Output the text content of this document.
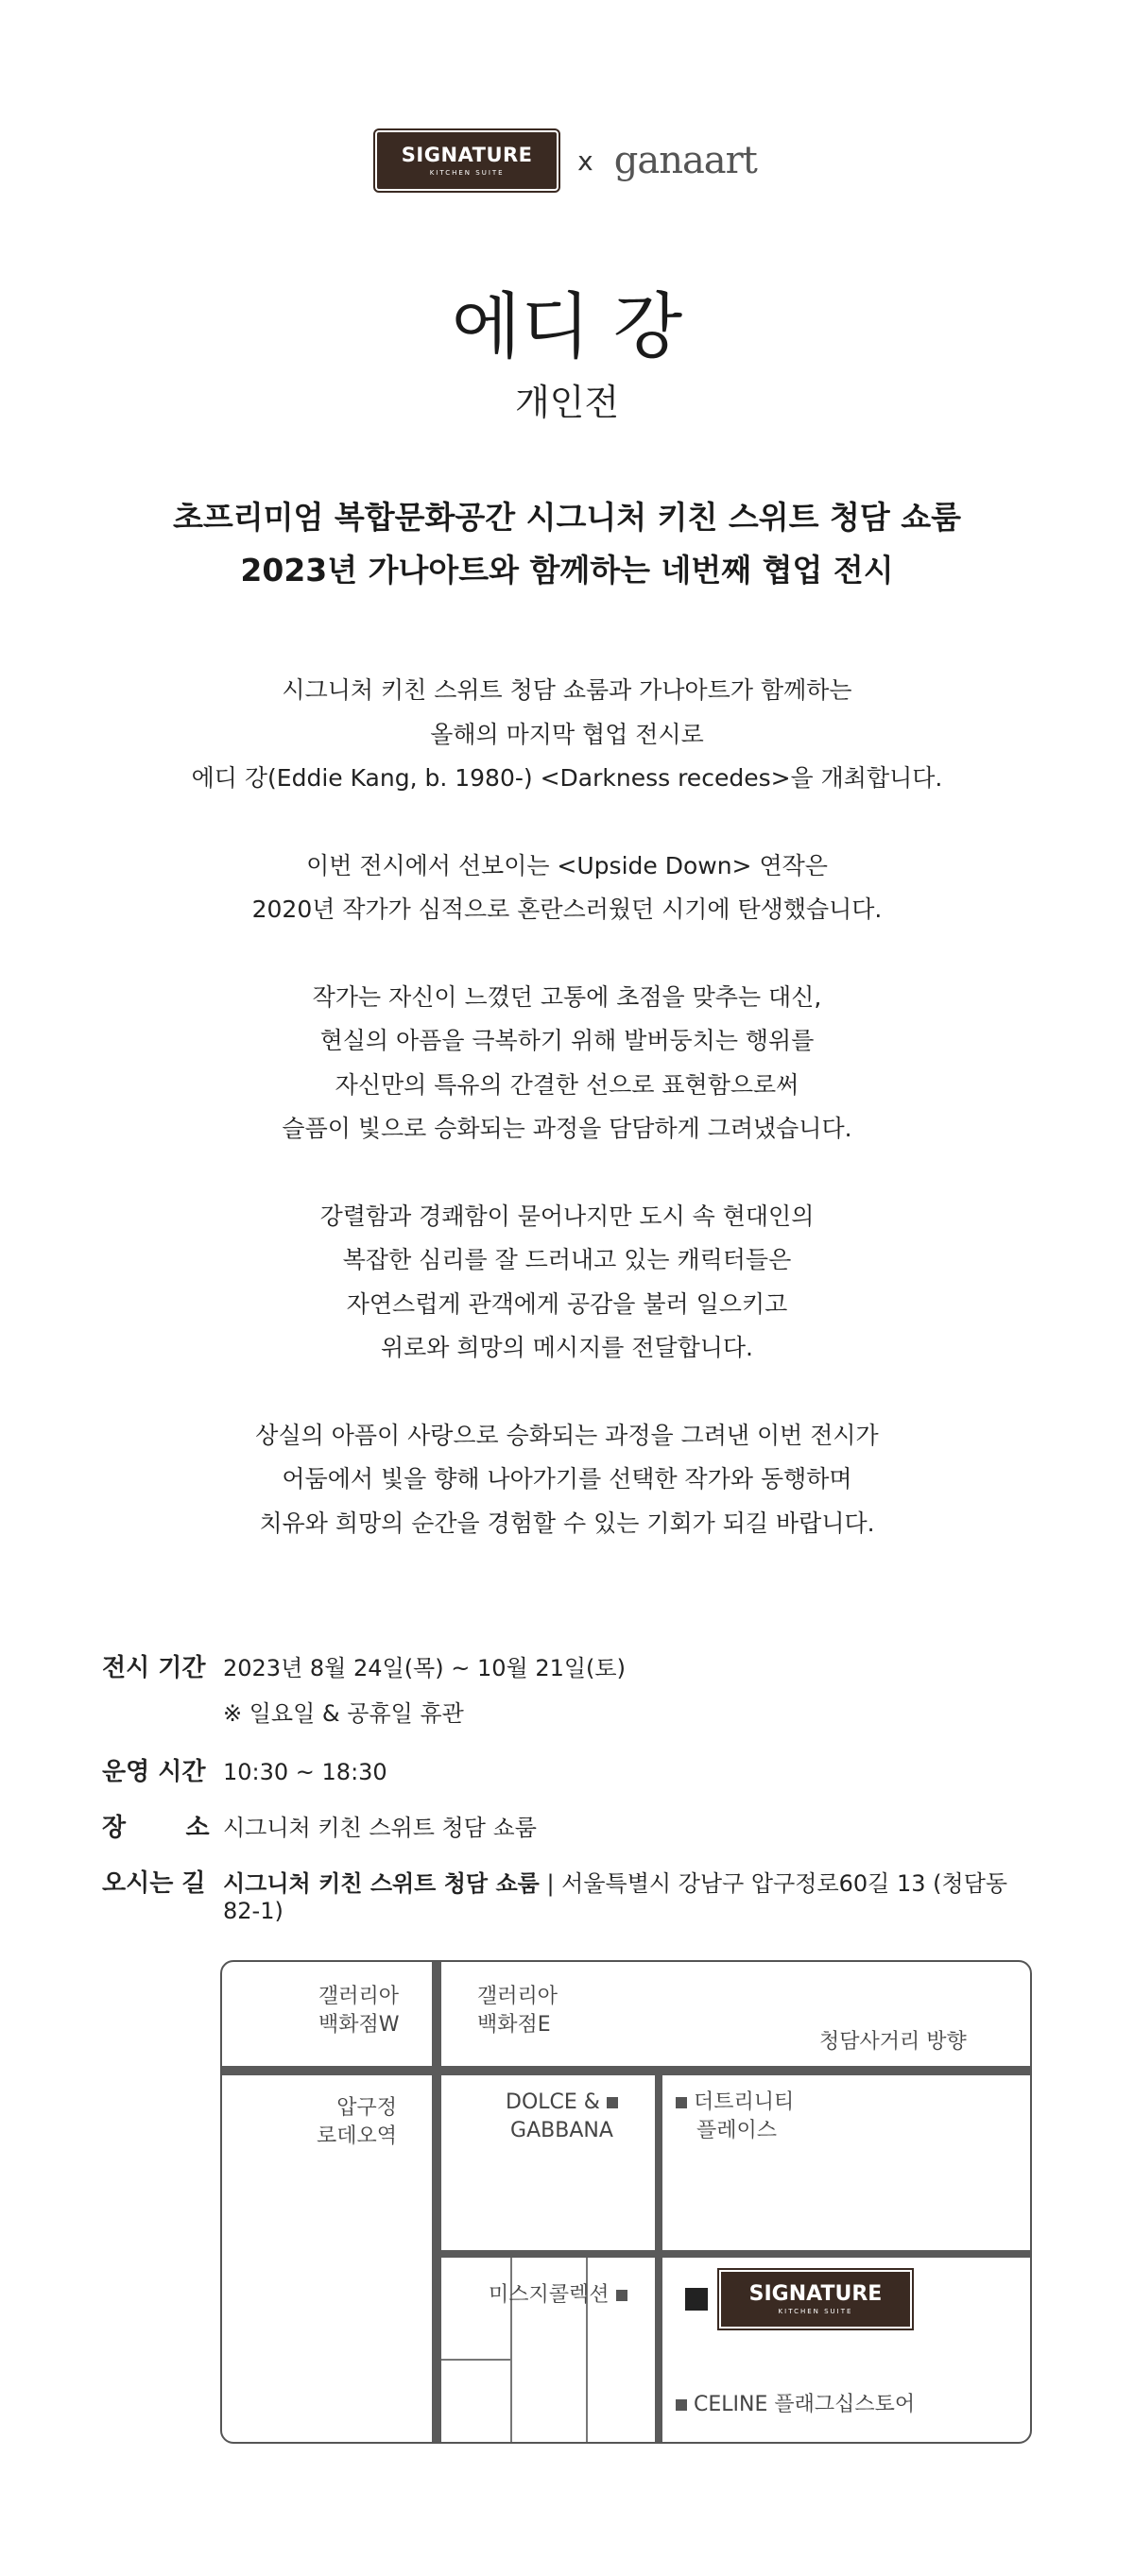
SIGNATURE
KITCHEN SUITE	x ganaart
에디 강
개인전
초프리미엄 복합문화공간 시그니처 키친 스위트 청담 쇼룸
2023년 가나아트와 함께하는 네번째 협업 전시
시그니처 키친 스위트 청담 쇼룸과 가나아트가 함께하는
올해의 마지막 협업 전시로
에디 강(Eddie Kang, b. 1980-) <Darkness recedes>을 개최합니다.
이번 전시에서 선보이는 <Upside Down> 연작은
2020년 작가가 심적으로 혼란스러웠던 시기에 탄생했습니다.
작가는 자신이 느꼈던 고통에 초점을 맞추는 대신,
현실의 아픔을 극복하기 위해 발버둥치는 행위를
자신만의 특유의 간결한 선으로 표현함으로써
슬픔이 빛으로 승화되는 과정을 담담하게 그려냈습니다.
강렬함과 경쾌함이 묻어나지만 도시 속 현대인의
복잡한 심리를 잘 드러내고 있는 캐릭터들은
자연스럽게 관객에게 공감을 불러 일으키고
위로와 희망의 메시지를 전달합니다.
상실의 아픔이 사랑으로 승화되는 과정을 그려낸 이번 전시가
어둠에서 빛을 향해 나아가기를 선택한 작가와 동행하며
치유와 희망의 순간을 경험할 수 있는 기회가 되길 바랍니다.
전시 기간 2023년 8월 24일(목) ~ 10월 21일(토)
※ 일요일 & 공휴일 휴관
운영 시간 10:30 ~ 18:30
장       소 시그니처 키친 스위트 청담 쇼룸
오시는 길 시그니처 키친 스위트 청담 쇼룸 | 서울특별시 강남구 압구정로60길 13 (청담동 82-1)
갤러리아
백화점W
갤러리아
백화점E
청담사거리 방향
압구정
로데오역
DOLCE &
GABBANA
더트리니티
플레이스
미스지콜렉션	SIGNATURE
KITCHEN SUITE
CELINE 플래그십스토어
